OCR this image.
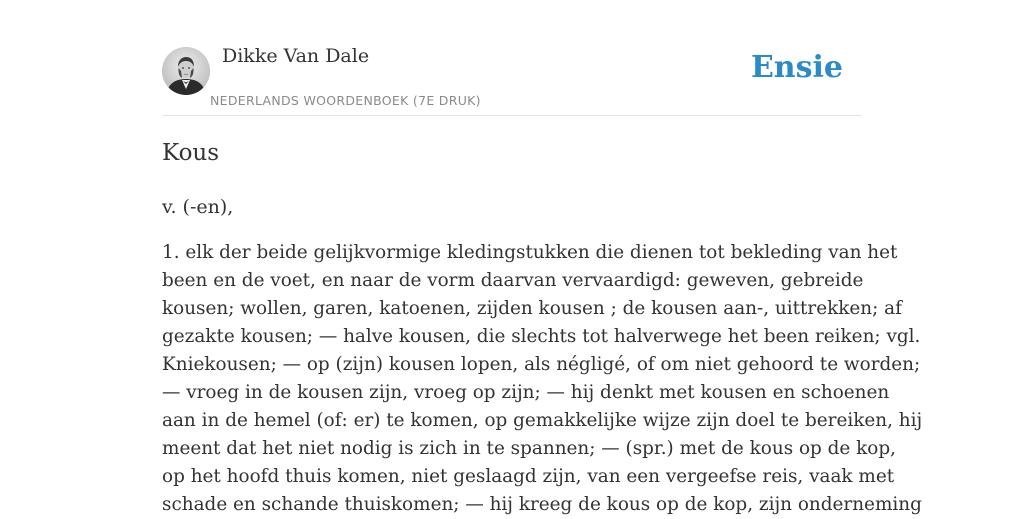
Dikke Van Dale
NEDERLANDS WOORDENBOEK (7E DRUK)
Ensie
Kous

v. (-en),

1. elk der beide gelijkvormige kledingstukken die dienen tot bekleding van het
been en de voet, en naar de vorm daarvan vervaardigd: geweven, gebreide
kousen; wollen, garen, katoenen, zijden kousen ; de kousen aan-, uittrekken; af
gezakte kousen; — halve kousen, die slechts tot halverwege het been reiken; vgl.
Kniekousen; — op (zijn) kousen lopen, als négligé, of om niet gehoord te worden;
— vroeg in de kousen zijn, vroeg op zijn; — hij denkt met kousen en schoenen
aan in de hemel (of: er) te komen, op gemakkelijke wijze zijn doel te bereiken, hij
meent dat het niet nodig is zich in te spannen; — (spr.) met de kous op de kop,
op het hoofd thuis komen, niet geslaagd zijn, van een vergeefse reis, vaak met
schade en schande thuiskomen; — hij kreeg de kous op de kop, zijn onderneming
